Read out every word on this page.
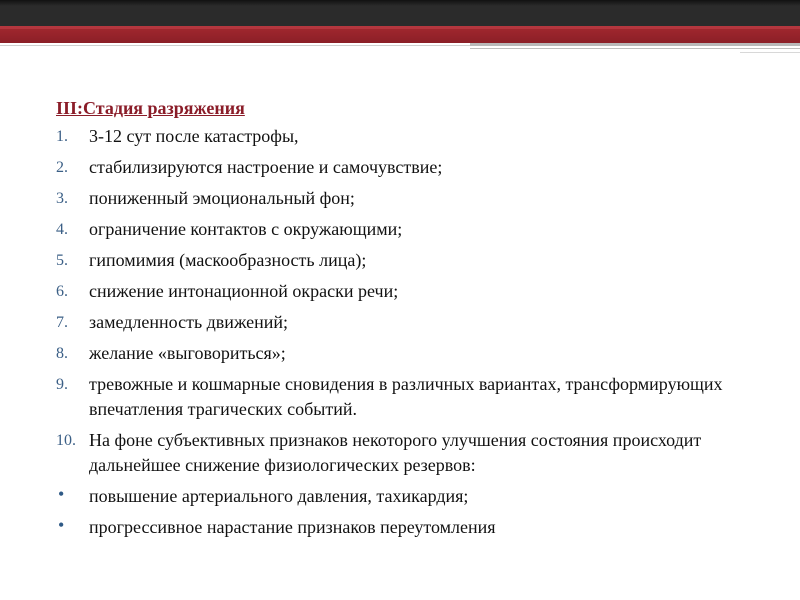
III:Стадия разряжения
1. 3-12 сут после катастрофы,
2. стабилизируются настроение и самочувствие;
3. пониженный эмоциональный фон;
4. ограничение контактов с окружающими;
5. гипомимия (маскообразность лица);
6. снижение интонационной окраски речи;
7. замедленность движений;
8. желание «выговориться»;
9. тревожные и кошмарные сновидения в различных вариантах, трансформирующих впечатления трагических событий.
10. На фоне субъективных признаков некоторого улучшения состояния происходит дальнейшее снижение физиологических резервов:
• повышение артериального давления, тахикардия;
• прогрессивное нарастание признаков переутомления
